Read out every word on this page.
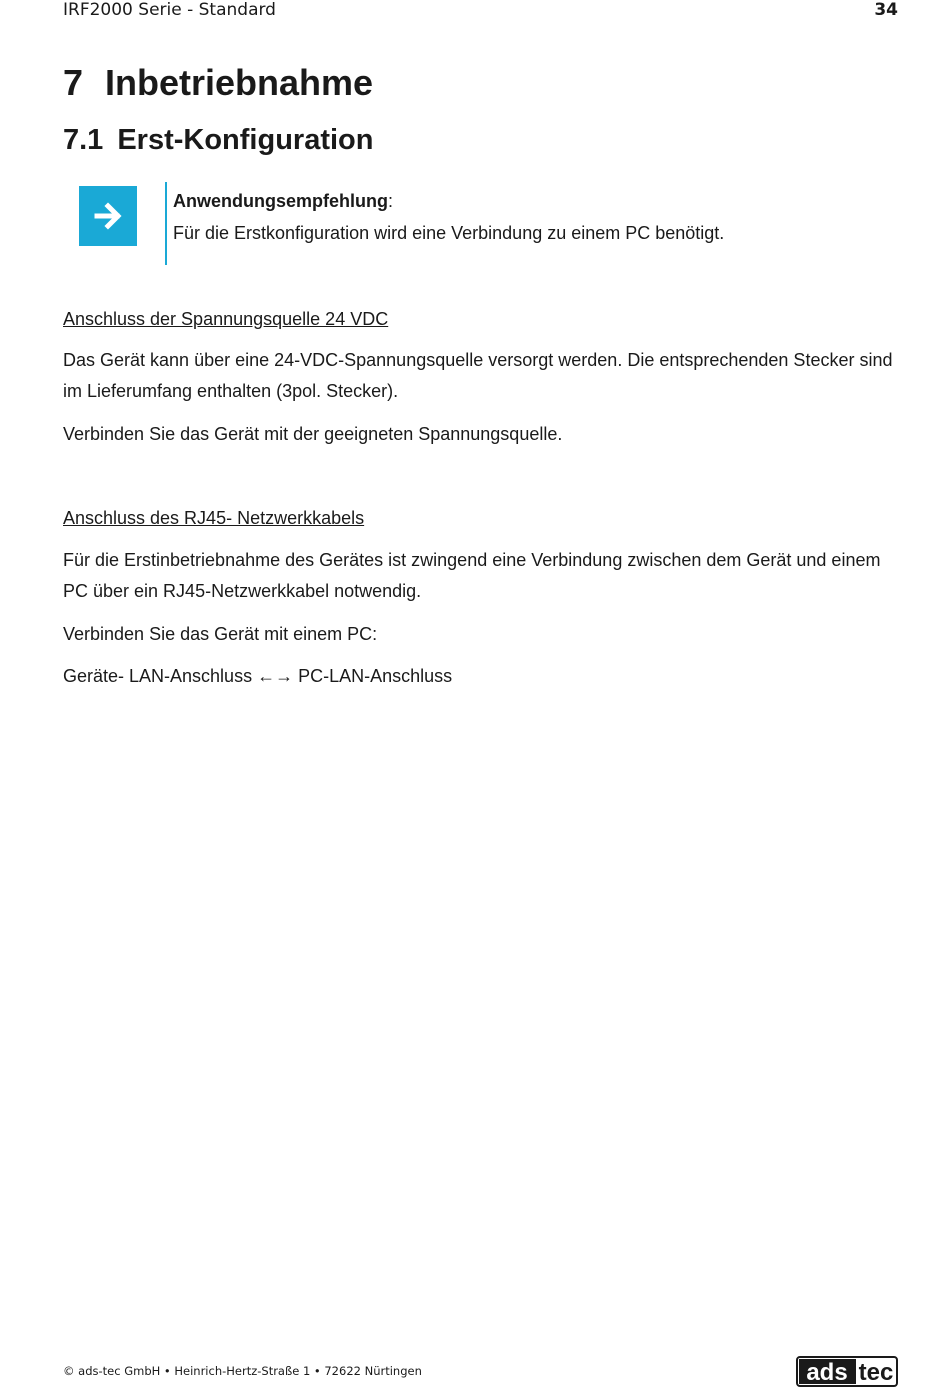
IRF2000 Serie - Standard	34
7 Inbetriebnahme
7.1 Erst-Konfiguration
Anwendungsempfehlung:
Für die Erstkonfiguration wird eine Verbindung zu einem PC benötigt.
Anschluss der Spannungsquelle 24 VDC
Das Gerät kann über eine 24-VDC-Spannungsquelle versorgt werden. Die entsprechenden Stecker sind im Lieferumfang enthalten (3pol. Stecker).
Verbinden Sie das Gerät mit der geeigneten Spannungsquelle.
Anschluss des RJ45- Netzwerkkabels
Für die Erstinbetriebnahme des Gerätes ist zwingend eine Verbindung zwischen dem Gerät und einem PC über ein RJ45-Netzwerkkabel notwendig.
Verbinden Sie das Gerät mit einem PC:
Geräte- LAN-Anschluss ←→ PC-LAN-Anschluss
© ads-tec GmbH • Heinrich-Hertz-Straße 1 • 72622 Nürtingen	ads tec
